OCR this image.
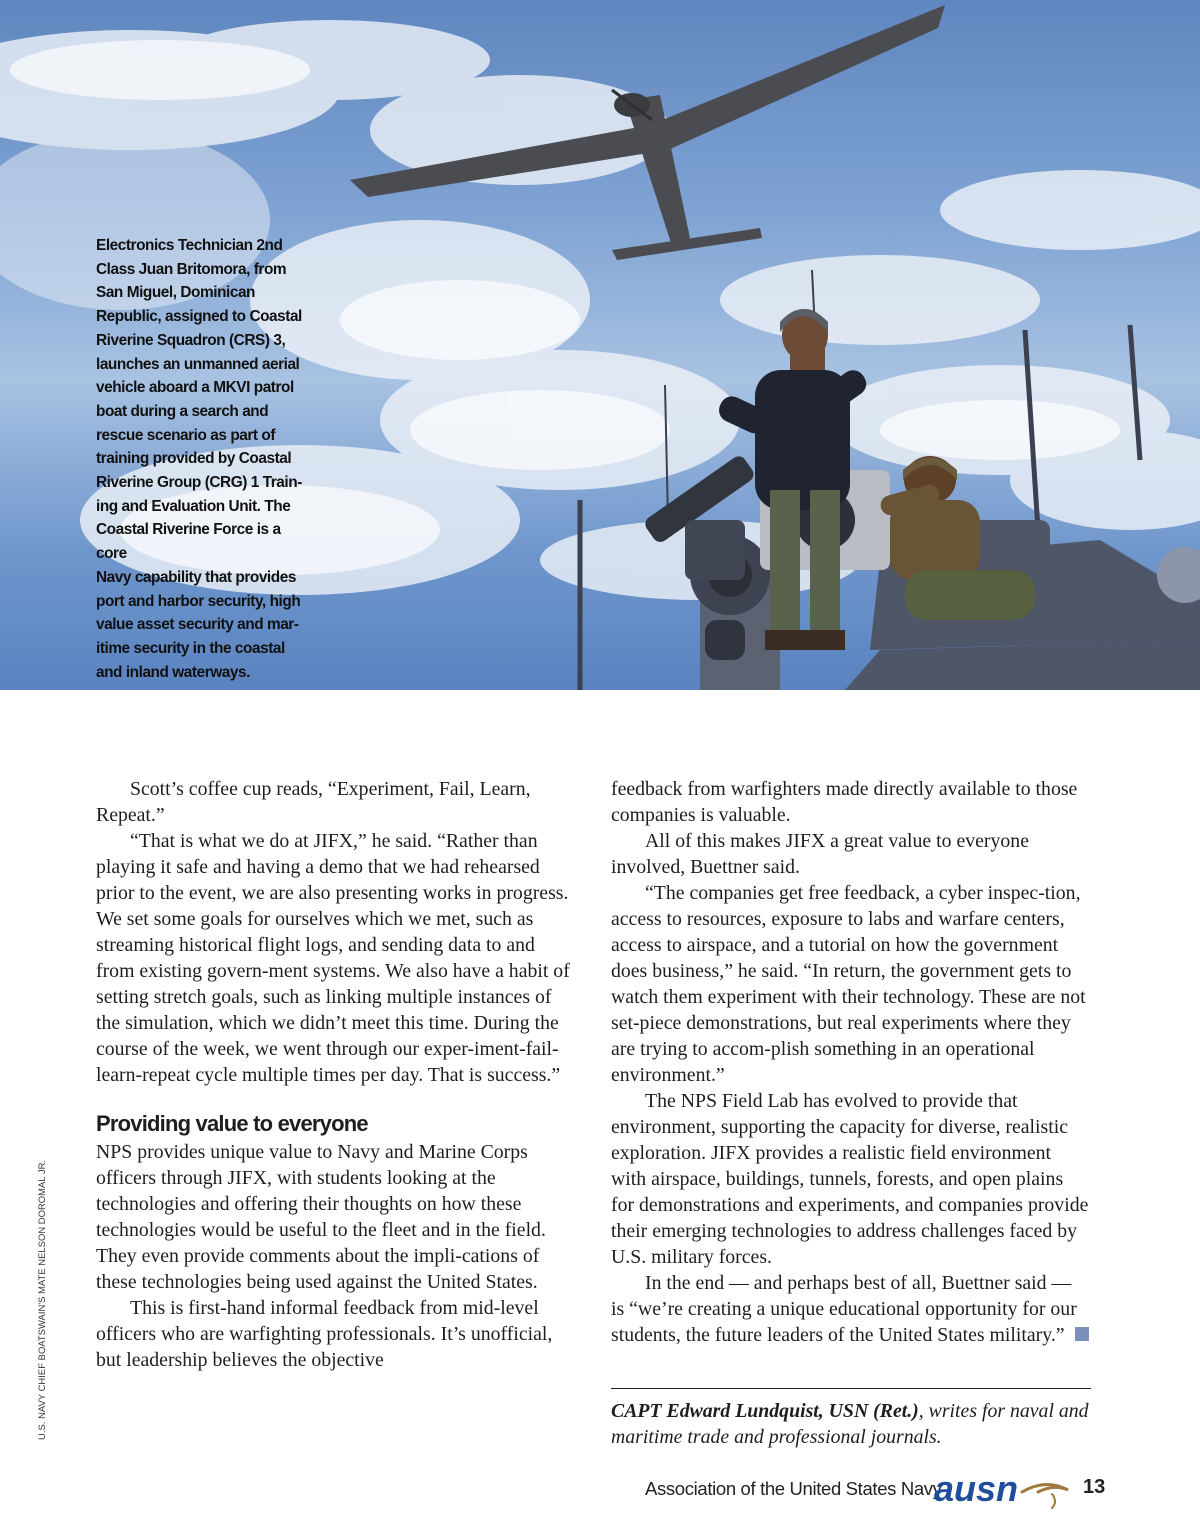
Electronics Technician 2nd
Class Juan Britomora, from
San Miguel, Dominican
Republic, assigned to Coastal
Riverine Squadron (CRS) 3,
launches an unmanned aerial
vehicle aboard a MKVI patrol
boat during a search and
rescue scenario as part of
training provided by Coastal
Riverine Group (CRG) 1 Train-
ing and Evaluation Unit. The
Coastal Riverine Force is a core
Navy capability that provides
port and harbor security, high
value asset security and mar-
itime security in the coastal
and inland waterways.

Scott’s coffee cup reads, “Experiment, Fail, Learn, Repeat.”

“That is what we do at JIFX,” he said. “Rather than playing it safe and having a demo that we had rehearsed prior to the event, we are also presenting works in progress. We set some goals for ourselves which we met, such as streaming historical flight logs, and sending data to and from existing govern-ment systems. We also have a habit of setting stretch goals, such as linking multiple instances of the simulation, which we didn’t meet this time. During the course of the week, we went through our exper-iment-fail-learn-repeat cycle multiple times per day. That is success.”

Providing value to everyone

NPS provides unique value to Navy and Marine Corps officers through JIFX, with students looking at the technologies and offering their thoughts on how these technologies would be useful to the fleet and in the field. They even provide comments about the impli-cations of these technologies being used against the United States.

This is first-hand informal feedback from mid-level officers who are warfighting professionals. It’s unofficial, but leadership believes the objective

feedback from warfighters made directly available to those companies is valuable.

All of this makes JIFX a great value to everyone involved, Buettner said.

“The companies get free feedback, a cyber inspec-tion, access to resources, exposure to labs and warfare centers, access to airspace, and a tutorial on how the government does business,” he said. “In return, the government gets to watch them experiment with their technology. These are not set-piece demonstrations, but real experiments where they are trying to accom-plish something in an operational environment.”

The NPS Field Lab has evolved to provide that environment, supporting the capacity for diverse, realistic exploration. JIFX provides a realistic field environment with airspace, buildings, tunnels, forests, and open plains for demonstrations and experiments, and companies provide their emerging technologies to address challenges faced by U.S. military forces.

In the end — and perhaps best of all, Buettner said — is “we’re creating a unique educational opportunity for our students, the future leaders of the United States military.”

CAPT Edward Lundquist, USN (Ret.), writes for naval and maritime trade and professional journals.
U.S. NAVY CHIEF BOATSWAIN'S MATE NELSON DOROMAL JR.
Association of the United States Navy
ausn	13
